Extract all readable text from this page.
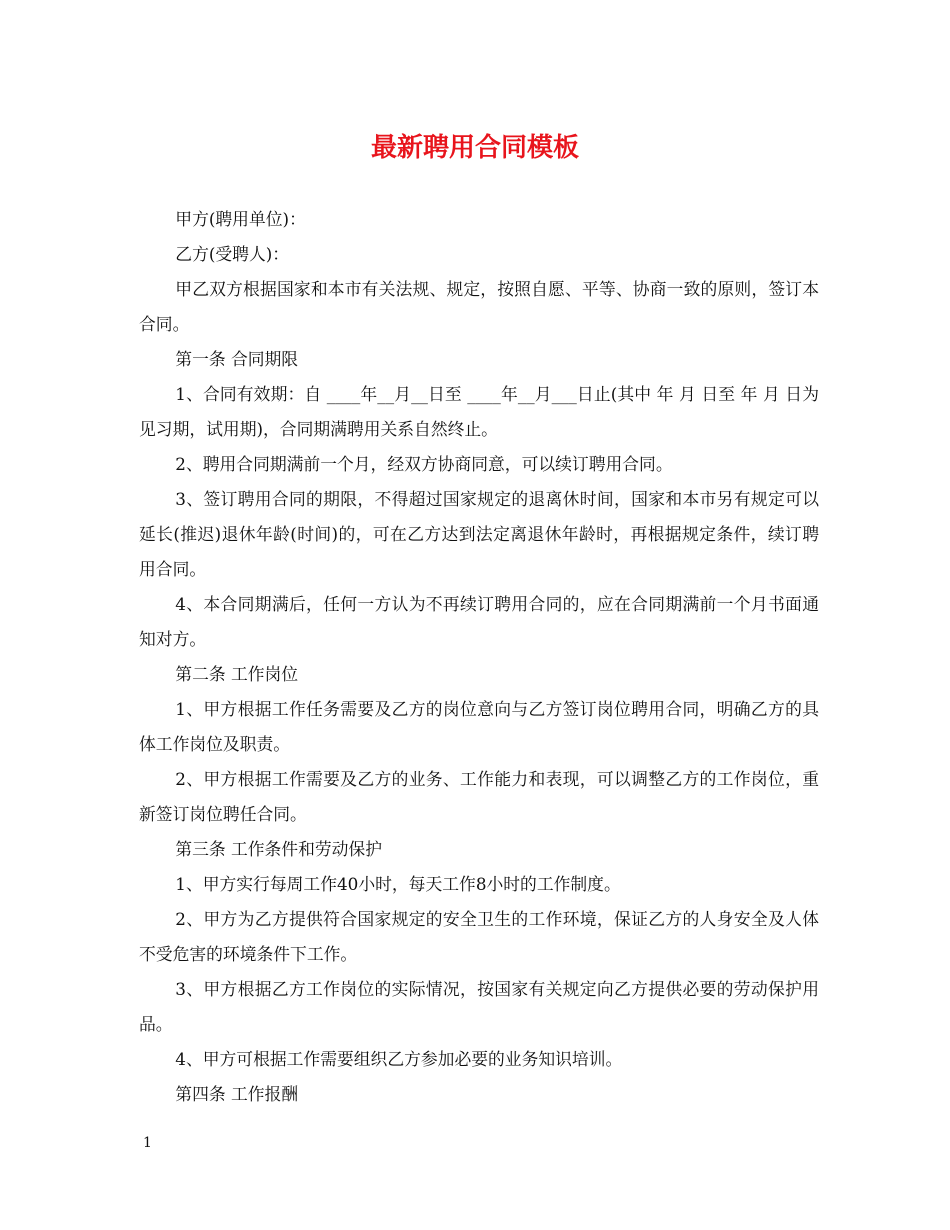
最新聘用合同模板

甲方(聘用单位)：

乙方(受聘人)：

甲乙双方根据国家和本市有关法规、规定，按照自愿、平等、协商一致的原则，签订本合同。

第一条 合同期限

1、合同有效期：自 ____年__月__日至 ____年__月___日止(其中 年 月 日至 年 月 日为见习期，试用期)，合同期满聘用关系自然终止。

2、聘用合同期满前一个月，经双方协商同意，可以续订聘用合同。

3、签订聘用合同的期限，不得超过国家规定的退离休时间，国家和本市另有规定可以延长(推迟)退休年龄(时间)的，可在乙方达到法定离退休年龄时，再根据规定条件，续订聘用合同。

4、本合同期满后，任何一方认为不再续订聘用合同的，应在合同期满前一个月书面通知对方。

第二条 工作岗位

1、甲方根据工作任务需要及乙方的岗位意向与乙方签订岗位聘用合同，明确乙方的具体工作岗位及职责。

2、甲方根据工作需要及乙方的业务、工作能力和表现，可以调整乙方的工作岗位，重新签订岗位聘任合同。

第三条 工作条件和劳动保护

1、甲方实行每周工作40小时，每天工作8小时的工作制度。

2、甲方为乙方提供符合国家规定的安全卫生的工作环境，保证乙方的人身安全及人体不受危害的环境条件下工作。

3、甲方根据乙方工作岗位的实际情况，按国家有关规定向乙方提供必要的劳动保护用品。

4、甲方可根据工作需要组织乙方参加必要的业务知识培训。

第四条 工作报酬

1
